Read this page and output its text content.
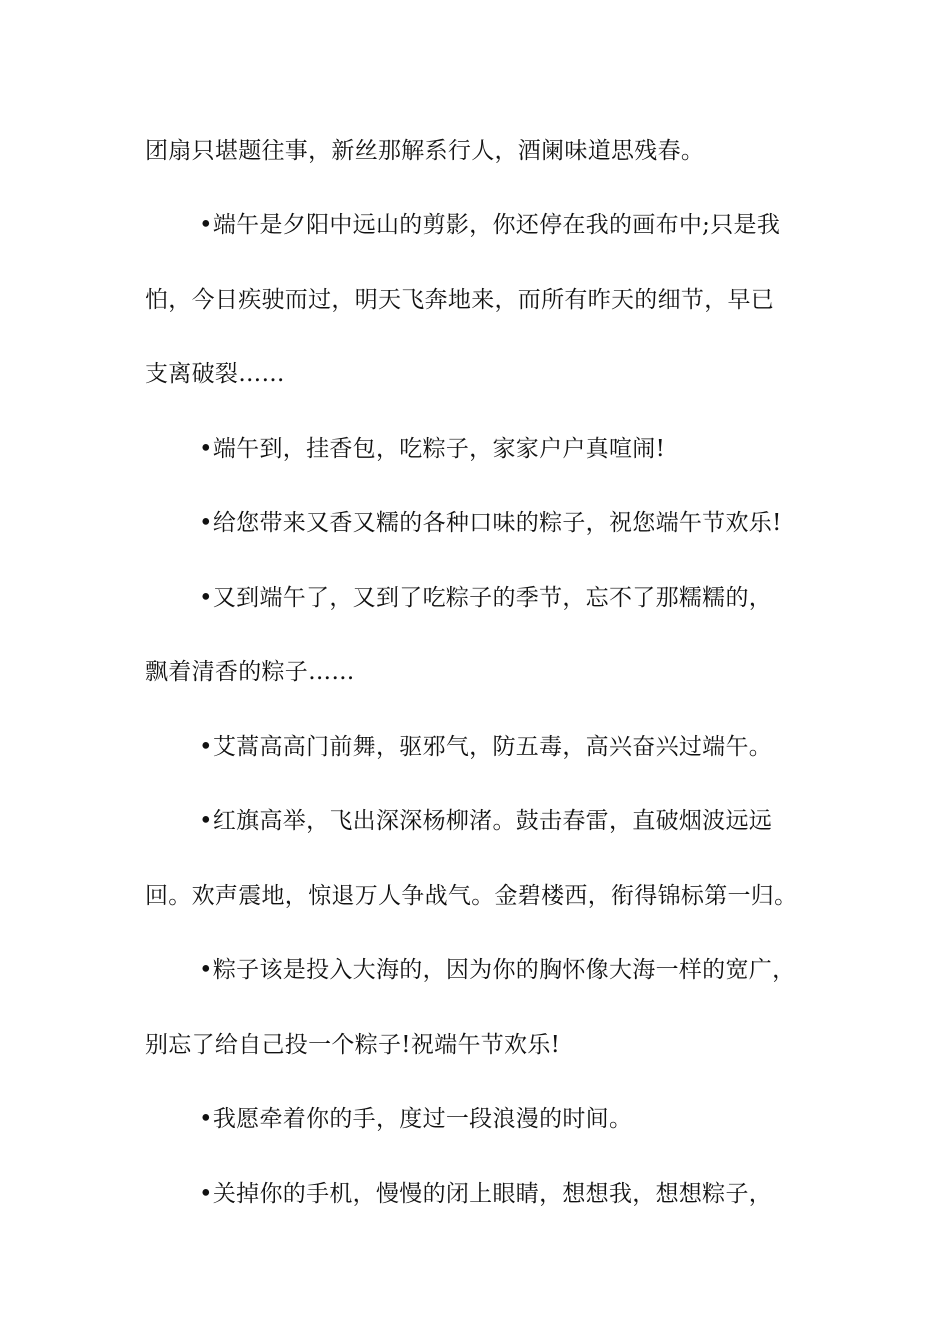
团扇只堪题往事，新丝那解系行人，酒阑味道思残春。
•端午是夕阳中远山的剪影，你还停在我的画布中;只是我
怕，今日疾驶而过，明天飞奔地来，而所有昨天的细节，早已
支离破裂……
•端午到，挂香包，吃粽子，家家户户真喧闹!
•给您带来又香又糯的各种口味的粽子，祝您端午节欢乐!
•又到端午了，又到了吃粽子的季节，忘不了那糯糯的，
飘着清香的粽子……
•艾蒿高高门前舞，驱邪气，防五毒，高兴奋兴过端午。
•红旗高举，飞出深深杨柳渚。鼓击春雷，直破烟波远远
回。欢声震地，惊退万人争战气。金碧楼西，衔得锦标第一归。
•粽子该是投入大海的，因为你的胸怀像大海一样的宽广，
别忘了给自己投一个粽子!祝端午节欢乐!
•我愿牵着你的手，度过一段浪漫的时间。
•关掉你的手机，慢慢的闭上眼睛，想想我，想想粽子，
